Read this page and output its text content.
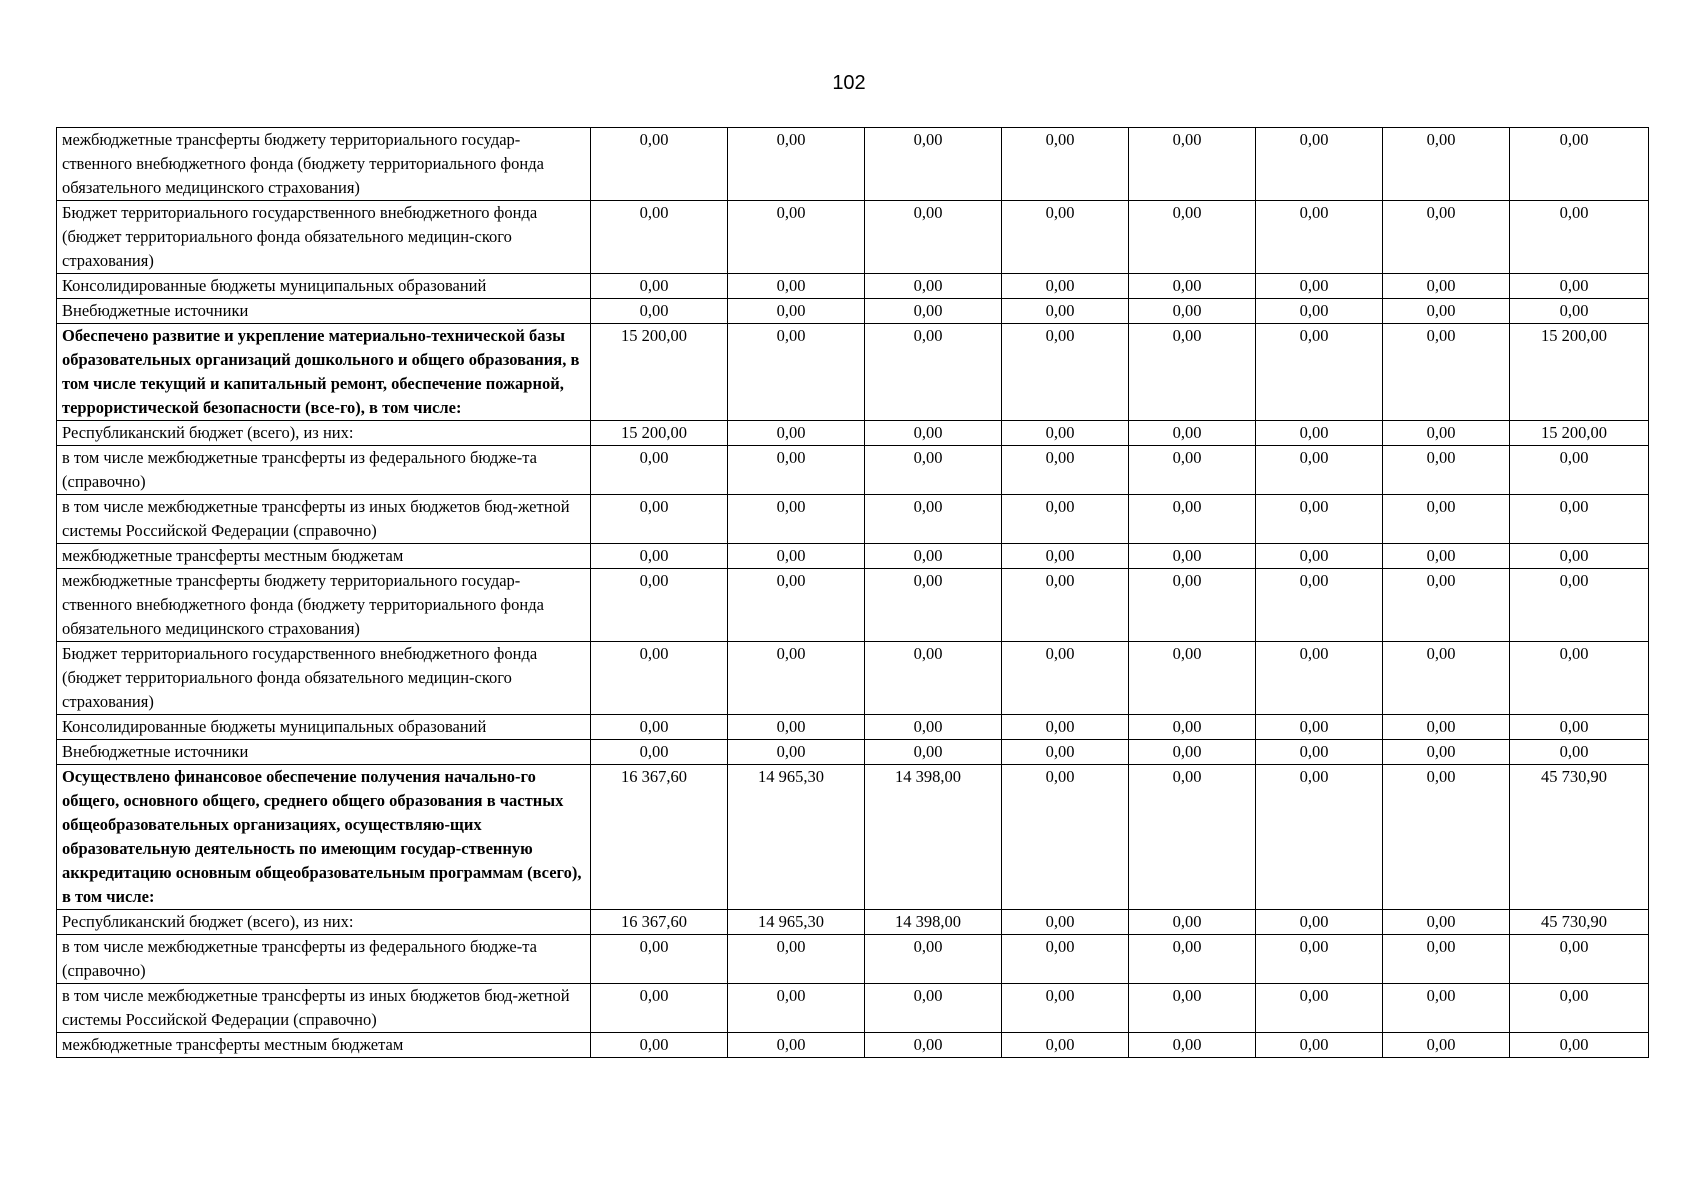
102
межбюджетные трансферты бюджету территориального государ-ственного внебюджетного фонда (бюджету территориального фонда обязательного медицинского страхования)	0,00	0,00	0,00	0,00	0,00	0,00	0,00	0,00
Бюджет территориального государственного внебюджетного фонда (бюджет территориального фонда обязательного медицин-ского страхования)	0,00	0,00	0,00	0,00	0,00	0,00	0,00	0,00
Консолидированные бюджеты муниципальных образований	0,00	0,00	0,00	0,00	0,00	0,00	0,00	0,00
Внебюджетные источники	0,00	0,00	0,00	0,00	0,00	0,00	0,00	0,00
Обеспечено развитие и укрепление материально-технической базы образовательных организаций дошкольного и общего образования, в том числе текущий и капитальный ремонт, обеспечение пожарной, террористической безопасности (все-го), в том числе:	15 200,00	0,00	0,00	0,00	0,00	0,00	0,00	15 200,00
Республиканский бюджет (всего), из них:	15 200,00	0,00	0,00	0,00	0,00	0,00	0,00	15 200,00
в том числе межбюджетные трансферты из федерального бюдже-та (справочно)	0,00	0,00	0,00	0,00	0,00	0,00	0,00	0,00
в том числе межбюджетные трансферты из иных бюджетов бюд-жетной системы Российской Федерации (справочно)	0,00	0,00	0,00	0,00	0,00	0,00	0,00	0,00
межбюджетные трансферты местным бюджетам	0,00	0,00	0,00	0,00	0,00	0,00	0,00	0,00
межбюджетные трансферты бюджету территориального государ-ственного внебюджетного фонда (бюджету территориального фонда обязательного медицинского страхования)	0,00	0,00	0,00	0,00	0,00	0,00	0,00	0,00
Бюджет территориального государственного внебюджетного фонда (бюджет территориального фонда обязательного медицин-ского страхования)	0,00	0,00	0,00	0,00	0,00	0,00	0,00	0,00
Консолидированные бюджеты муниципальных образований	0,00	0,00	0,00	0,00	0,00	0,00	0,00	0,00
Внебюджетные источники	0,00	0,00	0,00	0,00	0,00	0,00	0,00	0,00
Осуществлено финансовое обеспечение получения начально-го общего, основного общего, среднего общего образования в частных общеобразовательных организациях, осуществляю-щих образовательную деятельность по имеющим государ-ственную аккредитацию основным общеобразовательным программам (всего), в том числе:	16 367,60	14 965,30	14 398,00	0,00	0,00	0,00	0,00	45 730,90
Республиканский бюджет (всего), из них:	16 367,60	14 965,30	14 398,00	0,00	0,00	0,00	0,00	45 730,90
в том числе межбюджетные трансферты из федерального бюдже-та (справочно)	0,00	0,00	0,00	0,00	0,00	0,00	0,00	0,00
в том числе межбюджетные трансферты из иных бюджетов бюд-жетной системы Российской Федерации (справочно)	0,00	0,00	0,00	0,00	0,00	0,00	0,00	0,00
межбюджетные трансферты местным бюджетам	0,00	0,00	0,00	0,00	0,00	0,00	0,00	0,00
